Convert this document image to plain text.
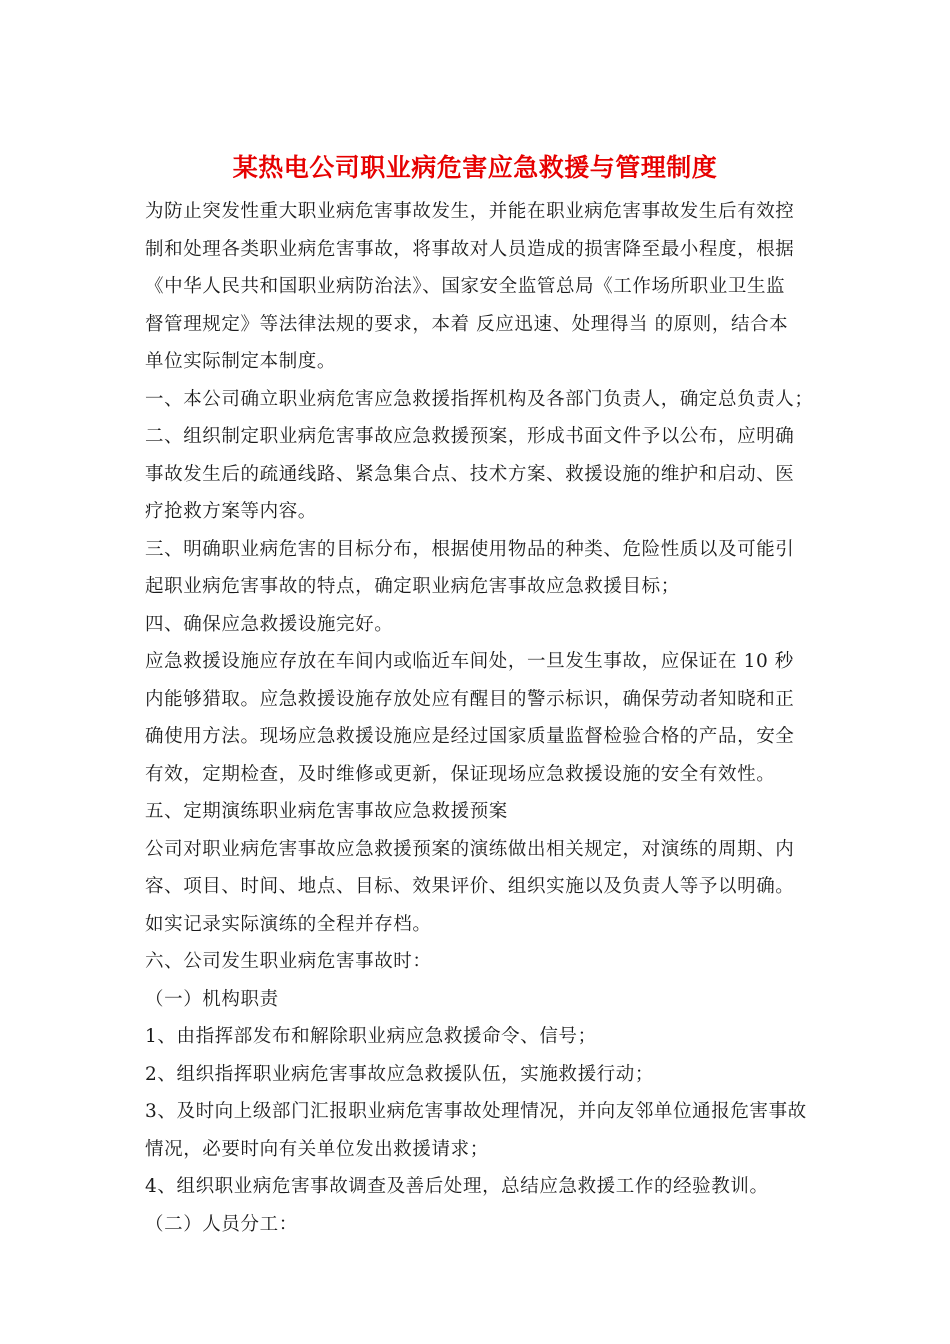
某热电公司职业病危害应急救援与管理制度

为防止突发性重大职业病危害事故发生，并能在职业病危害事故发生后有效控

制和处理各类职业病危害事故，将事故对人员造成的损害降至最小程度，根据

《中华人民共和国职业病防治法》、国家安全监管总局《工作场所职业卫生监

督管理规定》等法律法规的要求，本着 反应迅速、处理得当 的原则，结合本

单位实际制定本制度。

一、本公司确立职业病危害应急救援指挥机构及各部门负责人，确定总负责人；

二、组织制定职业病危害事故应急救援预案，形成书面文件予以公布，应明确

事故发生后的疏通线路、紧急集合点、技术方案、救援设施的维护和启动、医

疗抢救方案等内容。

三、明确职业病危害的目标分布，根据使用物品的种类、危险性质以及可能引

起职业病危害事故的特点，确定职业病危害事故应急救援目标；

四、确保应急救援设施完好。

应急救援设施应存放在车间内或临近车间处，一旦发生事故，应保证在 10 秒

内能够猎取。应急救援设施存放处应有醒目的警示标识，确保劳动者知晓和正

确使用方法。现场应急救援设施应是经过国家质量监督检验合格的产品，安全

有效，定期检查，及时维修或更新，保证现场应急救援设施的安全有效性。

五、定期演练职业病危害事故应急救援预案

公司对职业病危害事故应急救援预案的演练做出相关规定，对演练的周期、内

容、项目、时间、地点、目标、效果评价、组织实施以及负责人等予以明确。

如实记录实际演练的全程并存档。

六、公司发生职业病危害事故时：

（一）机构职责

1、由指挥部发布和解除职业病应急救援命令、信号；

2、组织指挥职业病危害事故应急救援队伍，实施救援行动；

3、及时向上级部门汇报职业病危害事故处理情况，并向友邻单位通报危害事故

情况，必要时向有关单位发出救援请求；

4、组织职业病危害事故调查及善后处理，总结应急救援工作的经验教训。

（二）人员分工：
